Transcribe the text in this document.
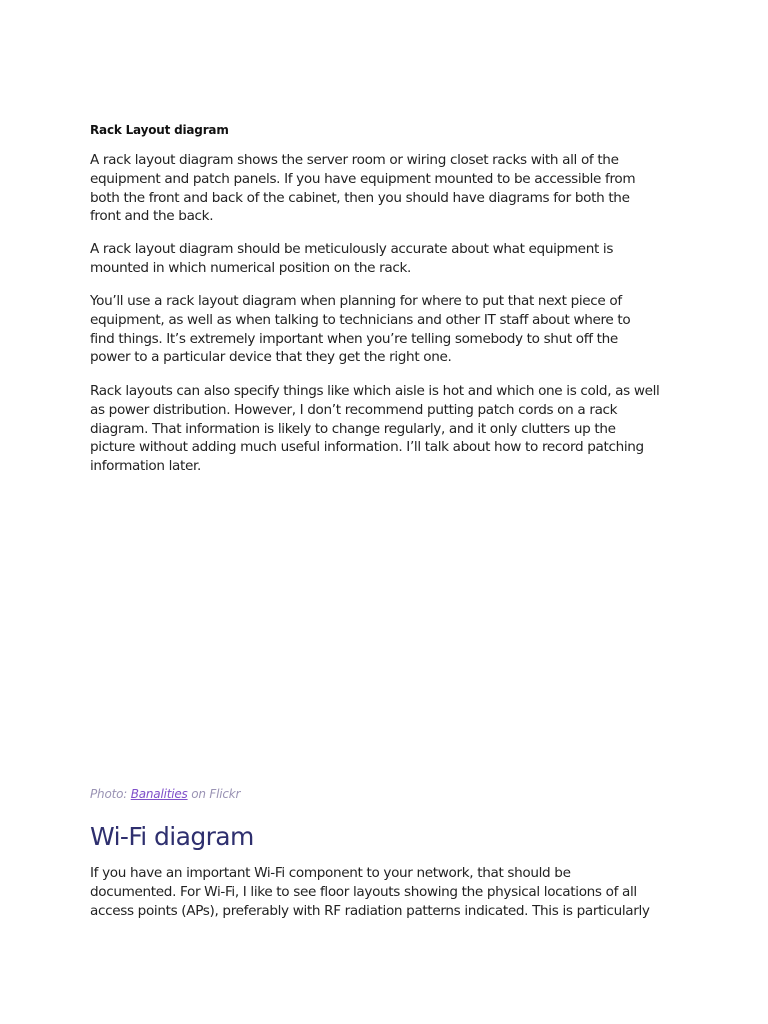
Rack Layout diagram

A rack layout diagram shows the server room or wiring closet racks with all of the

equipment and patch panels. If you have equipment mounted to be accessible from

both the front and back of the cabinet, then you should have diagrams for both the

front and the back.

A rack layout diagram should be meticulously accurate about what equipment is

mounted in which numerical position on the rack.

You’ll use a rack layout diagram when planning for where to put that next piece of

equipment, as well as when talking to technicians and other IT staff about where to

find things. It’s extremely important when you’re telling somebody to shut off the

power to a particular device that they get the right one.

Rack layouts can also specify things like which aisle is hot and which one is cold, as well

as power distribution. However, I don’t recommend putting patch cords on a rack

diagram. That information is likely to change regularly, and it only clutters up the

picture without adding much useful information. I’ll talk about how to record patching

information later.

Photo: Banalities on Flickr

Wi-Fi diagram

If you have an important Wi-Fi component to your network, that should be

documented. For Wi-Fi, I like to see floor layouts showing the physical locations of all

access points (APs), preferably with RF radiation patterns indicated. This is particularly
